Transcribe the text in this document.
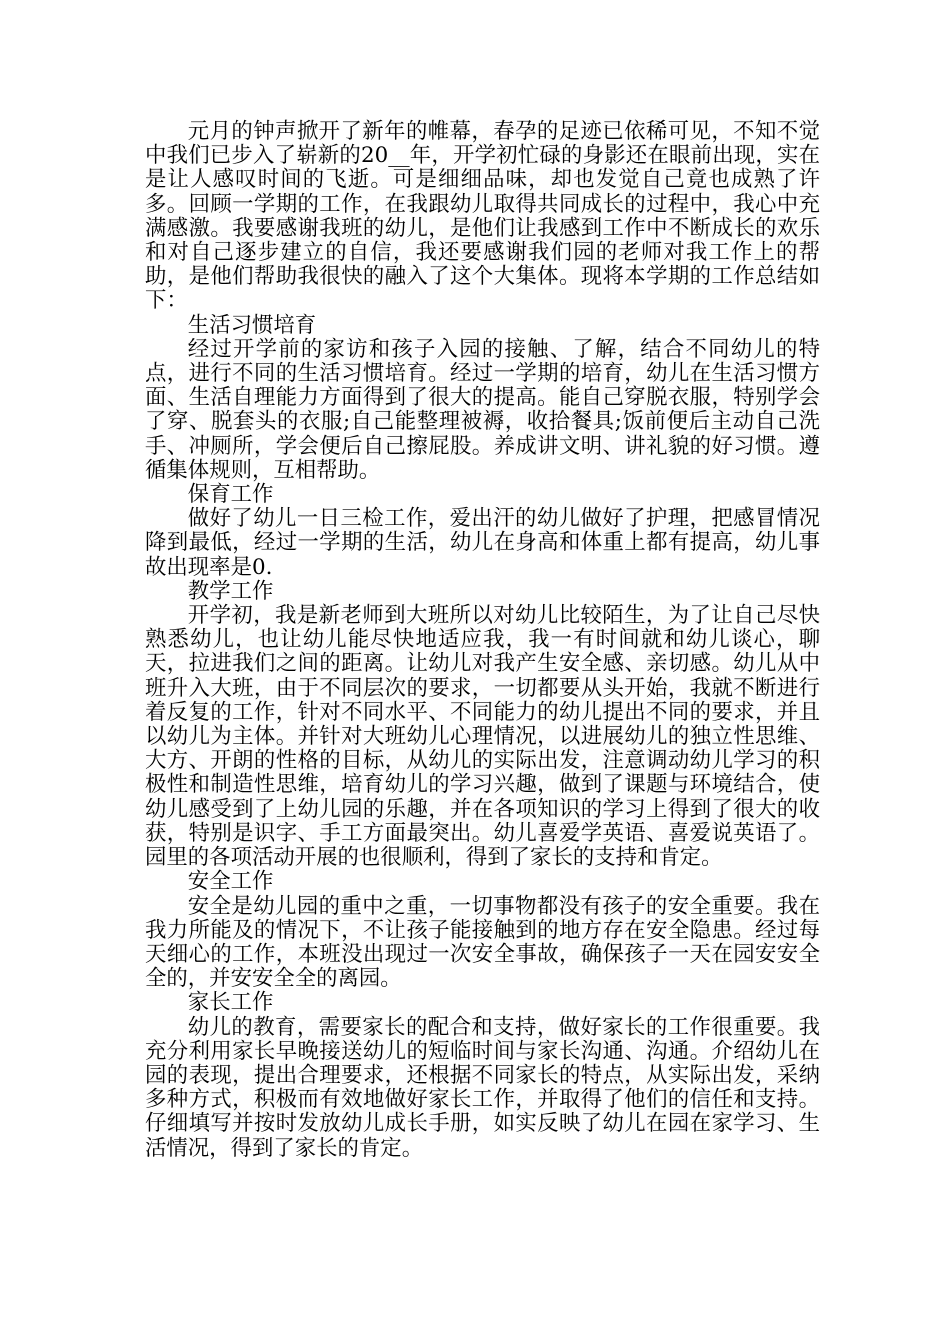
元月的钟声掀开了新年的帷幕，春孕的足迹已依稀可见，不知不觉中我们已步入了崭新的20__年，开学初忙碌的身影还在眼前出现，实在是让人感叹时间的飞逝。可是细细品味，却也发觉自己竟也成熟了许多。回顾一学期的工作，在我跟幼儿取得共同成长的过程中，我心中充满感激。我要感谢我班的幼儿，是他们让我感到工作中不断成长的欢乐和对自己逐步建立的自信，我还要感谢我们园的老师对我工作上的帮助，是他们帮助我很快的融入了这个大集体。现将本学期的工作总结如下：

生活习惯培育

经过开学前的家访和孩子入园的接触、了解，结合不同幼儿的特点，进行不同的生活习惯培育。经过一学期的培育，幼儿在生活习惯方面、生活自理能力方面得到了很大的提高。能自己穿脱衣服，特别学会了穿、脱套头的衣服;自己能整理被褥，收拾餐具;饭前便后主动自己洗手、冲厕所，学会便后自己擦屁股。养成讲文明、讲礼貌的好习惯。遵循集体规则，互相帮助。

保育工作

做好了幼儿一日三检工作，爱出汗的幼儿做好了护理，把感冒情况降到最低，经过一学期的生活，幼儿在身高和体重上都有提高，幼儿事故出现率是0.

教学工作

开学初，我是新老师到大班所以对幼儿比较陌生，为了让自己尽快熟悉幼儿，也让幼儿能尽快地适应我，我一有时间就和幼儿谈心，聊天，拉进我们之间的距离。让幼儿对我产生安全感、亲切感。幼儿从中班升入大班，由于不同层次的要求，一切都要从头开始，我就不断进行着反复的工作，针对不同水平、不同能力的幼儿提出不同的要求，并且以幼儿为主体。并针对大班幼儿心理情况，以进展幼儿的独立性思维、大方、开朗的性格的目标，从幼儿的实际出发，注意调动幼儿学习的积极性和制造性思维，培育幼儿的学习兴趣，做到了课题与环境结合，使幼儿感受到了上幼儿园的乐趣，并在各项知识的学习上得到了很大的收获，特别是识字、手工方面最突出。幼儿喜爱学英语、喜爱说英语了。园里的各项活动开展的也很顺利，得到了家长的支持和肯定。

安全工作

安全是幼儿园的重中之重，一切事物都没有孩子的安全重要。我在我力所能及的情况下，不让孩子能接触到的地方存在安全隐患。经过每天细心的工作，本班没出现过一次安全事故，确保孩子一天在园安安全全的，并安安全全的离园。

家长工作

幼儿的教育，需要家长的配合和支持，做好家长的工作很重要。我充分利用家长早晚接送幼儿的短临时间与家长沟通、沟通。介绍幼儿在园的表现，提出合理要求，还根据不同家长的特点，从实际出发，采纳多种方式，积极而有效地做好家长工作，并取得了他们的信任和支持。仔细填写并按时发放幼儿成长手册，如实反映了幼儿在园在家学习、生活情况，得到了家长的肯定。
